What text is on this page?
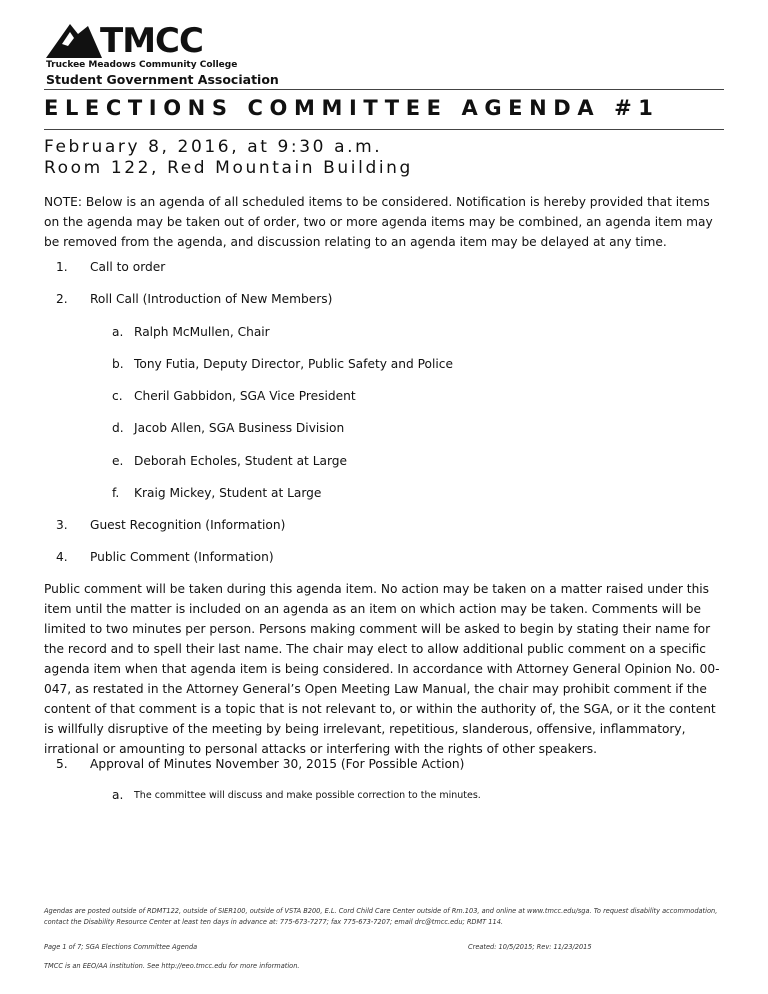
TMCC
Truckee Meadows Community College
Student Government Association
ELECTIONS COMMITTEE AGENDA #1
February 8, 2016, at 9:30 a.m.
Room 122, Red Mountain Building
NOTE: Below is an agenda of all scheduled items to be considered. Notification is hereby provided that items on the agenda may be taken out of order, two or more agenda items may be combined, an agenda item may be removed from the agenda, and discussion relating to an agenda item may be delayed at any time.
1. Call to order
2. Roll Call (Introduction of New Members)
a. Ralph McMullen, Chair
b. Tony Futia, Deputy Director, Public Safety and Police
c. Cheril Gabbidon, SGA Vice President
d. Jacob Allen, SGA Business Division
e. Deborah Echoles, Student at Large
f. Kraig Mickey, Student at Large
3. Guest Recognition (Information)
4. Public Comment (Information)
Public comment will be taken during this agenda item. No action may be taken on a matter raised under this item until the matter is included on an agenda as an item on which action may be taken. Comments will be limited to two minutes per person. Persons making comment will be asked to begin by stating their name for the record and to spell their last name. The chair may elect to allow additional public comment on a specific agenda item when that agenda item is being considered. In accordance with Attorney General Opinion No. 00-047, as restated in the Attorney General’s Open Meeting Law Manual, the chair may prohibit comment if the content of that comment is a topic that is not relevant to, or within the authority of, the SGA, or it the content is willfully disruptive of the meeting by being irrelevant, repetitious, slanderous, offensive, inflammatory, irrational or amounting to personal attacks or interfering with the rights of other speakers.
5. Approval of Minutes November 30, 2015 (For Possible Action)
a. The committee will discuss and make possible correction to the minutes.
Agendas are posted outside of RDMT122, outside of SIER100, outside of VSTA B200, E.L. Cord Child Care Center outside of Rm.103, and online at www.tmcc.edu/sga. To request disability accommodation, contact the Disability Resource Center at least ten days in advance at: 775-673-7277; fax 775-673-7207; email drc@tmcc.edu; RDMT 114.
Page 1 of 7; SGA Elections Committee Agenda	Created: 10/5/2015; Rev: 11/23/2015
TMCC is an EEO/AA institution. See http://eeo.tmcc.edu for more information.
